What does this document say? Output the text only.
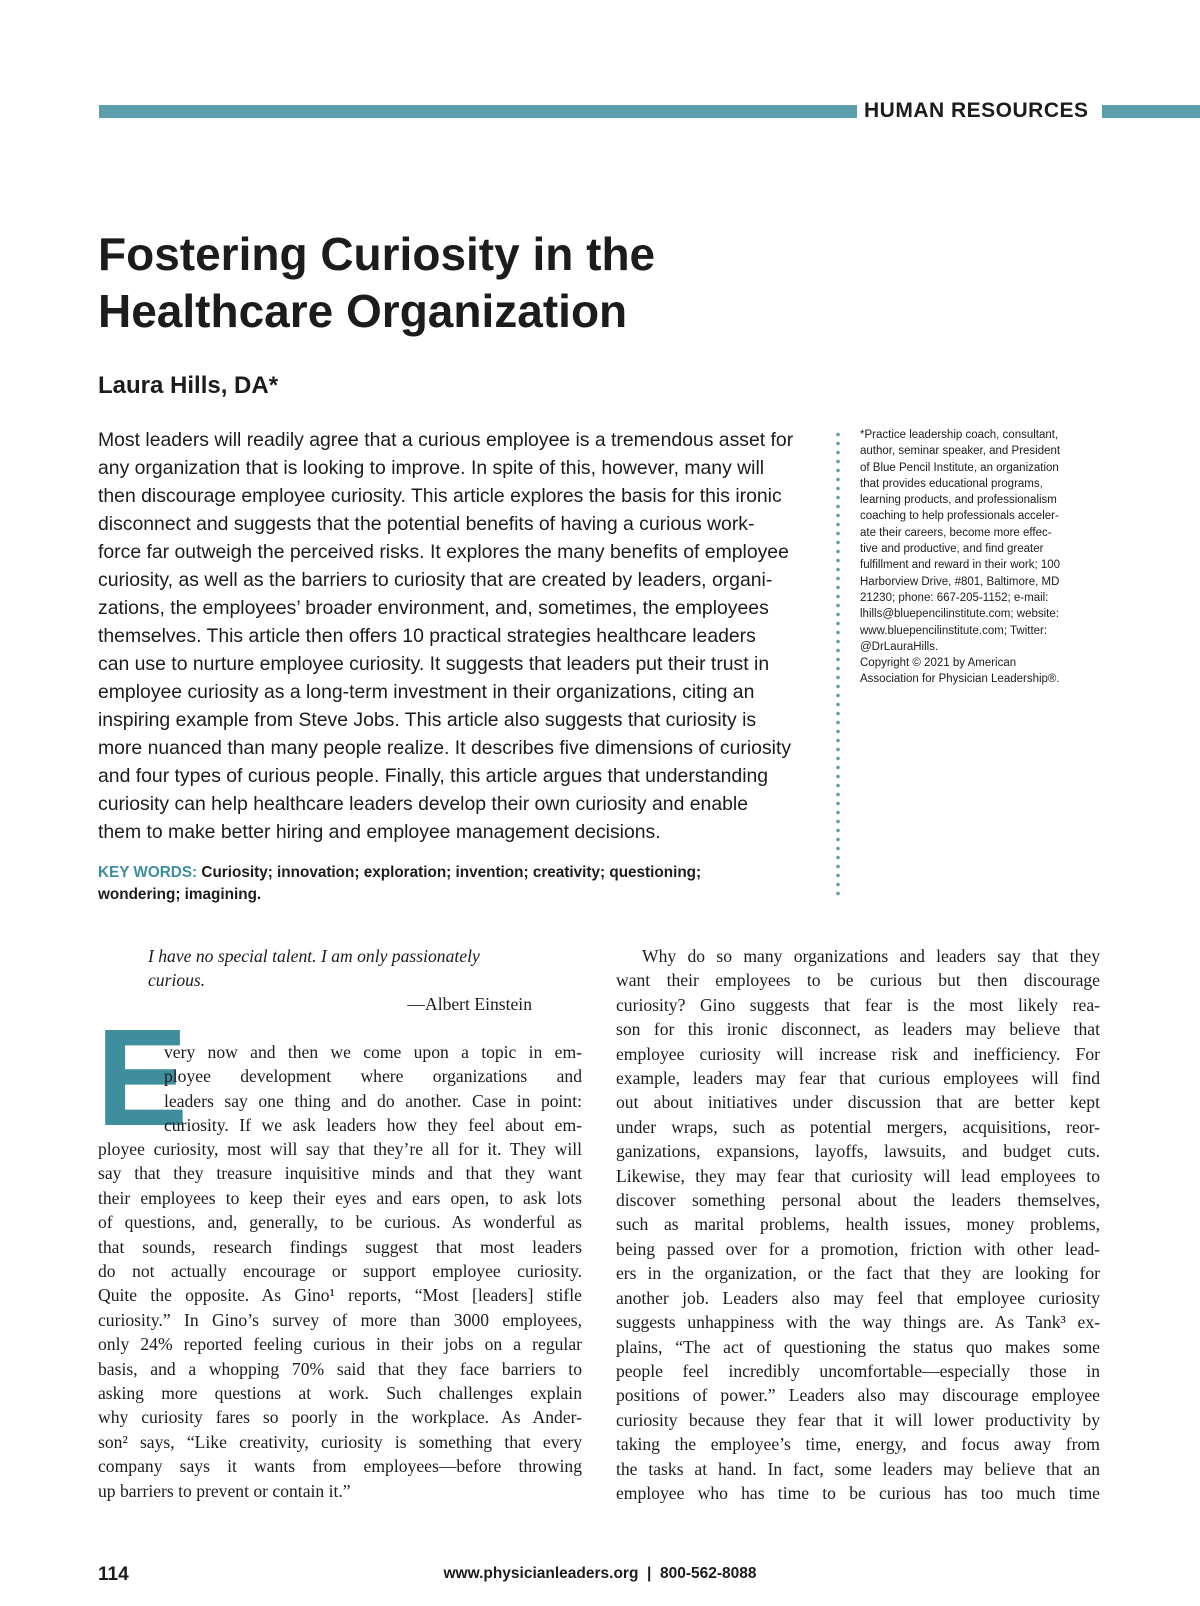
HUMAN RESOURCES
Fostering Curiosity in the
Healthcare Organization
Laura Hills, DA*
Most leaders will readily agree that a curious employee is a tremendous asset for
any organization that is looking to improve. In spite of this, however, many will
then discourage employee curiosity. This article explores the basis for this ironic
disconnect and suggests that the potential benefits of having a curious work-
force far outweigh the perceived risks. It explores the many benefits of employee
curiosity, as well as the barriers to curiosity that are created by leaders, organi-
zations, the employees’ broader environment, and, sometimes, the employees
themselves. This article then offers 10 practical strategies healthcare leaders
can use to nurture employee curiosity. It suggests that leaders put their trust in
employee curiosity as a long-term investment in their organizations, citing an
inspiring example from Steve Jobs. This article also suggests that curiosity is
more nuanced than many people realize. It describes five dimensions of curiosity
and four types of curious people. Finally, this article argues that understanding
curiosity can help healthcare leaders develop their own curiosity and enable
them to make better hiring and employee management decisions.
KEY WORDS: Curiosity; innovation; exploration; invention; creativity; questioning;
wondering; imagining.
*Practice leadership coach, consultant,
author, seminar speaker, and President
of Blue Pencil Institute, an organization
that provides educational programs,
learning products, and professionalism
coaching to help professionals acceler-
ate their careers, become more effec-
tive and productive, and find greater
fulfillment and reward in their work; 100
Harborview Drive, #801, Baltimore, MD
21230; phone: 667-205-1152; e-mail:
lhills@bluepencilinstitute.com; website:
www.bluepencilinstitute.com; Twitter:
@DrLauraHills.
Copyright © 2021 by American
Association for Physician Leadership®.
I have no special talent. I am only passionately
curious.
—Albert Einstein
E
very now and then we come upon a topic in em-
ployee development where organizations and
leaders say one thing and do another. Case in point:
curiosity. If we ask leaders how they feel about em-
ployee curiosity, most will say that they’re all for it. They will
say that they treasure inquisitive minds and that they want
their employees to keep their eyes and ears open, to ask lots
of questions, and, generally, to be curious. As wonderful as
that sounds, research findings suggest that most leaders
do not actually encourage or support employee curiosity.
Quite the opposite. As Gino¹ reports, “Most [leaders] stifle
curiosity.” In Gino’s survey of more than 3000 employees,
only 24% reported feeling curious in their jobs on a regular
basis, and a whopping 70% said that they face barriers to
asking more questions at work. Such challenges explain
why curiosity fares so poorly in the workplace. As Ander-
son² says, “Like creativity, curiosity is something that every
company says it wants from employees—before throwing
up barriers to prevent or contain it.”
Why do so many organizations and leaders say that they
want their employees to be curious but then discourage
curiosity? Gino suggests that fear is the most likely rea-
son for this ironic disconnect, as leaders may believe that
employee curiosity will increase risk and inefficiency. For
example, leaders may fear that curious employees will find
out about initiatives under discussion that are better kept
under wraps, such as potential mergers, acquisitions, reor-
ganizations, expansions, layoffs, lawsuits, and budget cuts.
Likewise, they may fear that curiosity will lead employees to
discover something personal about the leaders themselves,
such as marital problems, health issues, money problems,
being passed over for a promotion, friction with other lead-
ers in the organization, or the fact that they are looking for
another job. Leaders also may feel that employee curiosity
suggests unhappiness with the way things are. As Tank³ ex-
plains, “The act of questioning the status quo makes some
people feel incredibly uncomfortable—especially those in
positions of power.” Leaders also may discourage employee
curiosity because they fear that it will lower productivity by
taking the employee’s time, energy, and focus away from
the tasks at hand. In fact, some leaders may believe that an
employee who has time to be curious has too much time
114	www.physicianleaders.org  |  800-562-8088
